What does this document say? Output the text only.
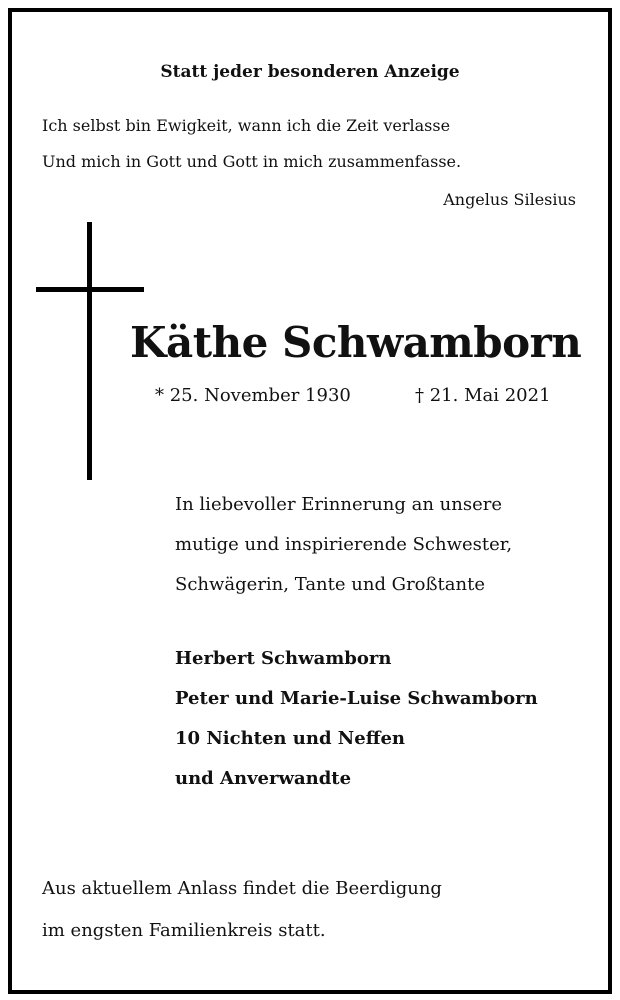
Statt jeder besonderen Anzeige
Ich selbst bin Ewigkeit, wann ich die Zeit verlasse
Und mich in Gott und Gott in mich zusammenfasse.
Angelus Silesius
Käthe Schwamborn
* 25. November 1930	† 21. Mai 2021
In liebevoller Erinnerung an unsere
mutige und inspirierende Schwester,
Schwägerin, Tante und Großtante
Herbert Schwamborn
Peter und Marie-Luise Schwamborn
10 Nichten und Neffen
und Anverwandte
Aus aktuellem Anlass findet die Beerdigung
im engsten Familienkreis statt.
